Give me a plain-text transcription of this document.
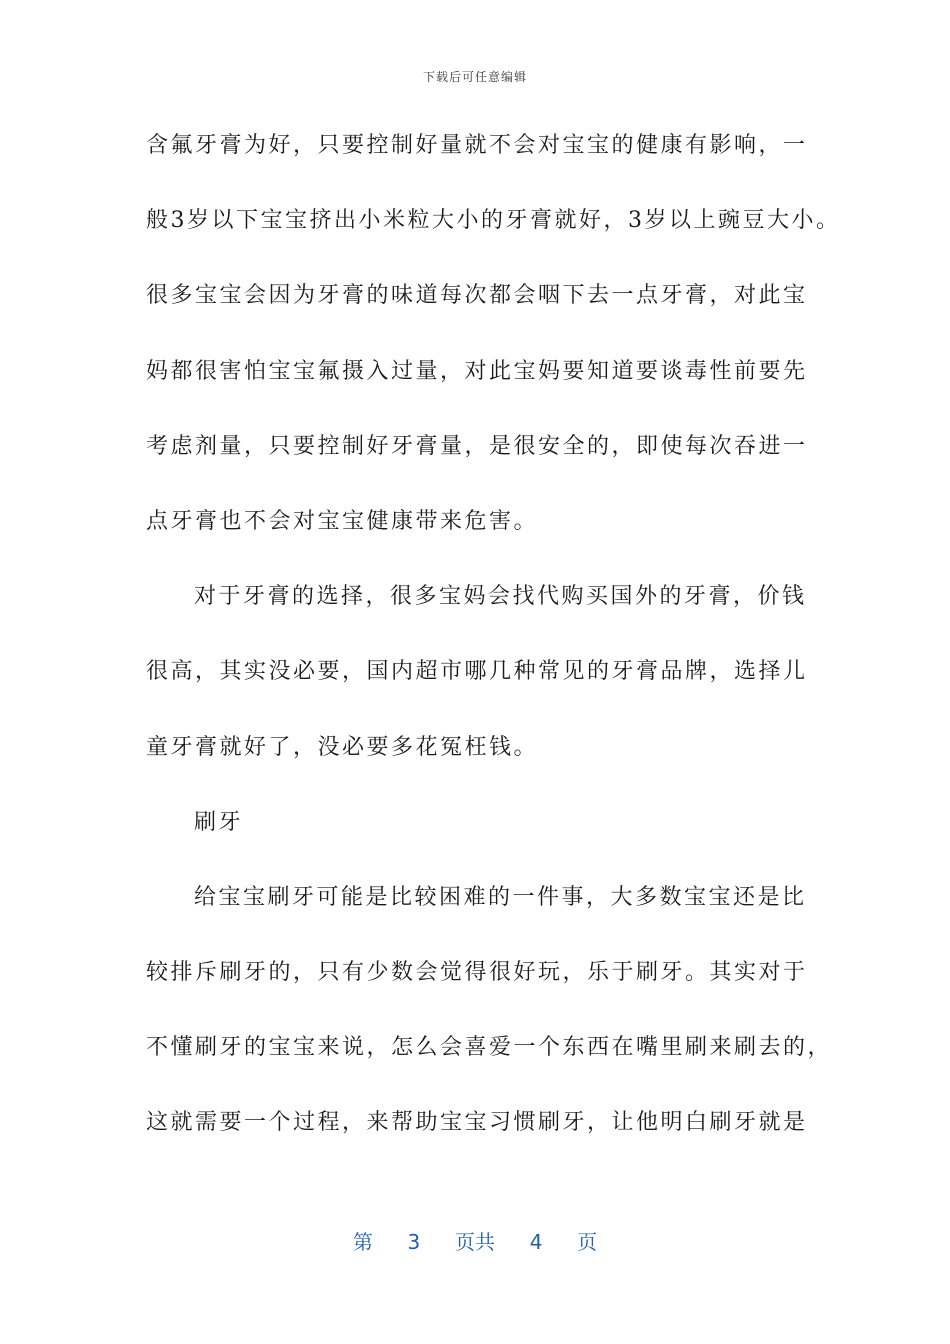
下载后可任意编辑
含氟牙膏为好，只要控制好量就不会对宝宝的健康有影响，一
般3岁以下宝宝挤出小米粒大小的牙膏就好，3岁以上豌豆大小。
很多宝宝会因为牙膏的味道每次都会咽下去一点牙膏，对此宝
妈都很害怕宝宝氟摄入过量，对此宝妈要知道要谈毒性前要先
考虑剂量，只要控制好牙膏量，是很安全的，即使每次吞进一
点牙膏也不会对宝宝健康带来危害。
对于牙膏的选择，很多宝妈会找代购买国外的牙膏，价钱
很高，其实没必要，国内超市哪几种常见的牙膏品牌，选择儿
童牙膏就好了，没必要多花冤枉钱。
刷牙
给宝宝刷牙可能是比较困难的一件事，大多数宝宝还是比
较排斥刷牙的，只有少数会觉得很好玩，乐于刷牙。其实对于
不懂刷牙的宝宝来说，怎么会喜爱一个东西在嘴里刷来刷去的，
这就需要一个过程，来帮助宝宝习惯刷牙，让他明白刷牙就是
第 3 页共 4 页
